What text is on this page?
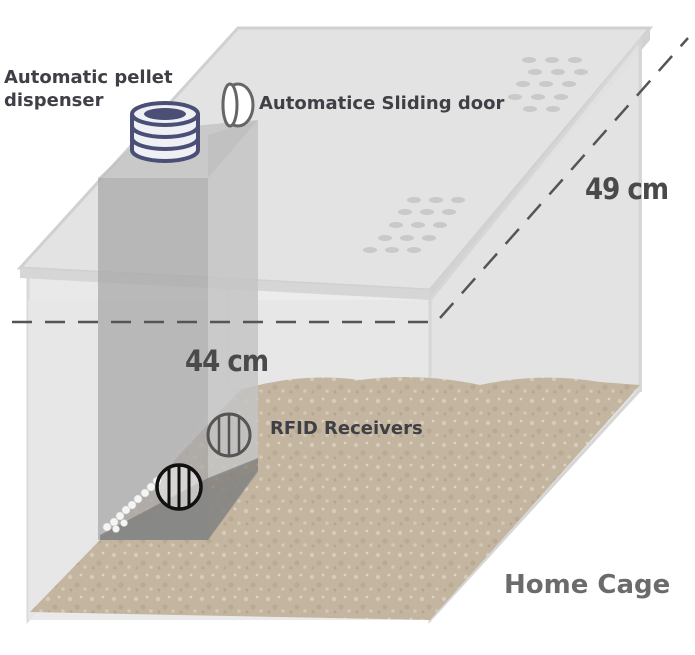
Automatic pellet dispenser	Automatice Sliding door
RFID Receivers
49 cm
44 cm
Home Cage
